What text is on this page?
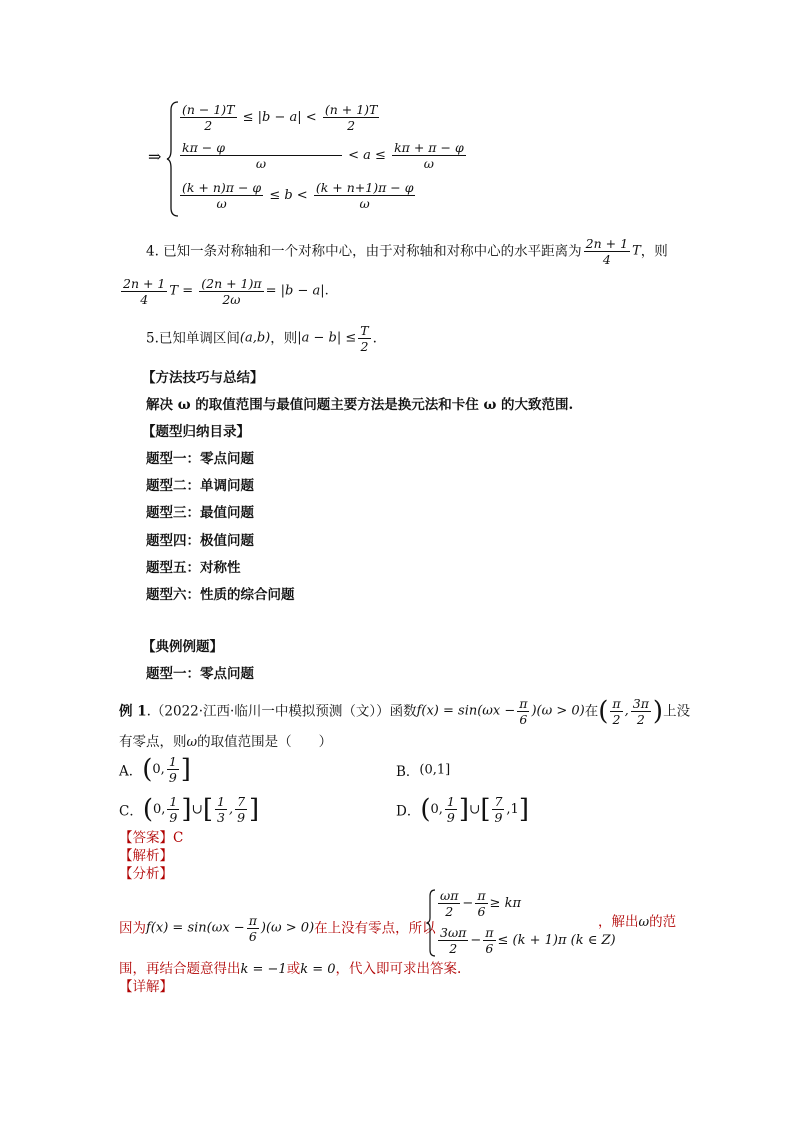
⇒
$\frac{(n - 1)T}{2} \le |b - a| < \frac{(n + 1)T}{2}$
$\frac{k\pi - \varphi}{\omega} < a \le \frac{k\pi + \pi - \varphi}{\omega}$
$\frac{(k + n)\pi - \varphi}{\omega} \le b < \frac{(k + n+1)\pi - \varphi}{\omega}$
4. 已知一条对称轴和一个对称中心，由于对称轴和对称中心的水平距离为 $\frac{2n + 1}{4}$ T，则
$\frac{2n + 1}{4}$ $T = \frac{(2n + 1)\pi}{2\omega} = |b - a|$.
5.已知单调区间(a,b)，则$|a - b| \le \frac{T}{2}$ .
【方法技巧与总结】
解决 ω 的取值范围与最值问题主要方法是换元法和卡住 ω 的大致范围.
【题型归纳目录】
题型一：零点问题
题型二：单调问题
题型三：最值问题
题型四：极值问题
题型五：对称性
题型六：性质的综合问题
【典例例题】
题型一：零点问题
例 1.（2022·江西·临川一中模拟预测（文））函数$f(x) = \sin(\omega x - \frac{\pi}{6} )(\omega > 0)$在( $\frac{\pi}{2}$ , $\frac{3\pi}{2}$ )上没
有零点，则ω的取值范围是（　　）
A．(0, $\frac{1}{9}$ ]	B．(0,1]
C．(0, $\frac{1}{9}$ ]∪[ $\frac{1}{3}$ , $\frac{7}{9}$ ]	D．(0, $\frac{1}{9}$ ]∪[ $\frac{7}{9} ,1$]
【答案】C
【解析】
【分析】
因为$f(x) = \sin(\omega x - \frac{\pi}{6} )(\omega > 0)$在上没有零点，所以
$\frac{\omega\pi}{2} - \frac{\pi}{6} \ge k\pi$
$\frac{3\omega\pi}{2} - \frac{\pi}{6} \le (k + 1)\pi$ (k ∈ Z)
，解出ω的范
围，再结合题意得出k = −1或k = 0，代入即可求出答案.
【详解】
